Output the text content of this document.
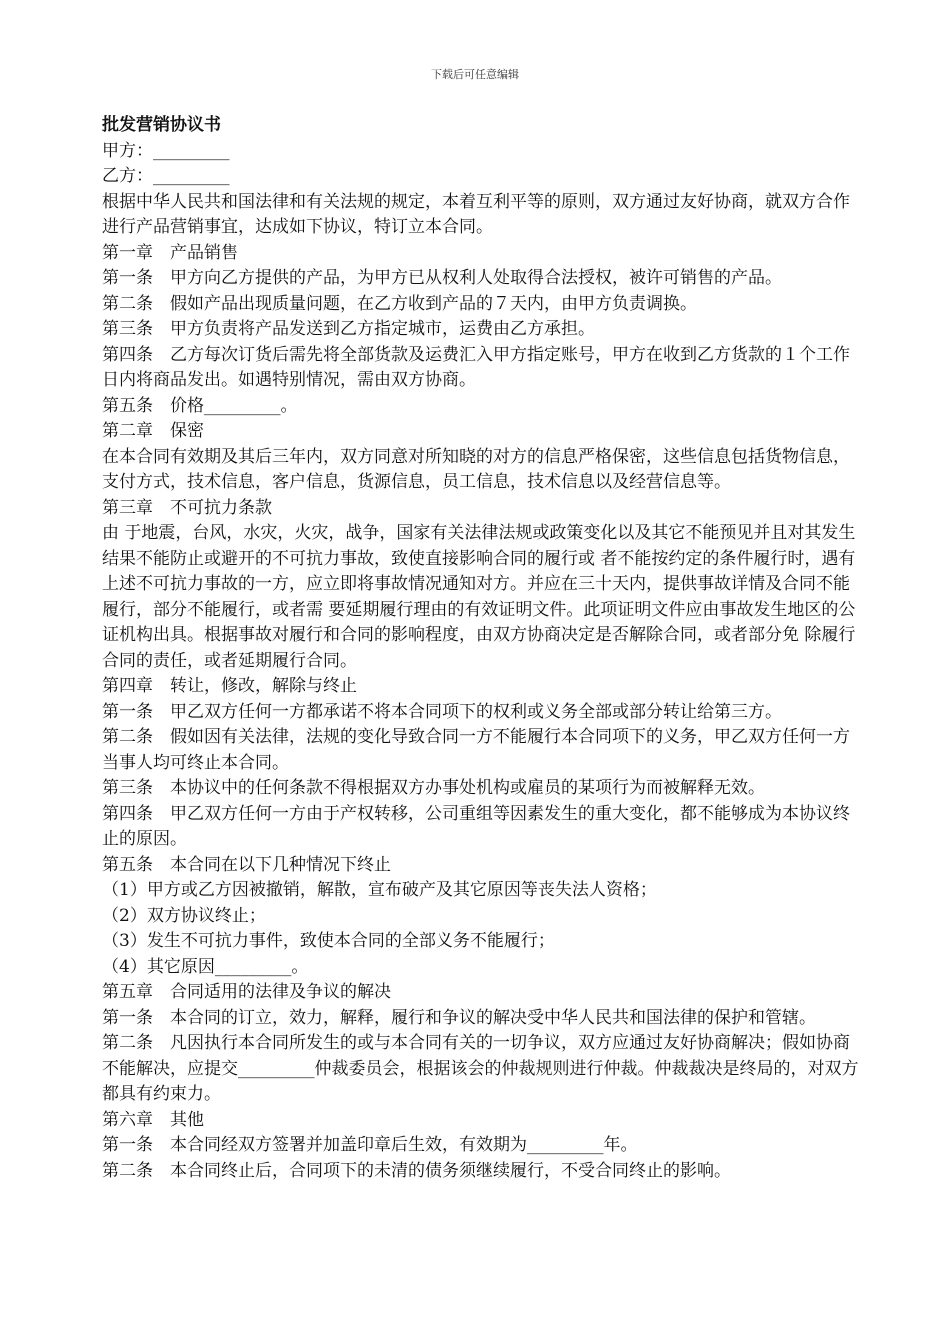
下载后可任意编辑

批发营销协议书

甲方：_________

乙方：_________

根据中华人民共和国法律和有关法规的规定，本着互利平等的原则，双方通过友好协商，就双方合作进行产品营销事宜，达成如下协议，特订立本合同。

第一章　产品销售

第一条　甲方向乙方提供的产品，为甲方已从权利人处取得合法授权，被许可销售的产品。

第二条　假如产品出现质量问题，在乙方收到产品的７天内，由甲方负责调换。

第三条　甲方负责将产品发送到乙方指定城市，运费由乙方承担。

第四条　乙方每次订货后需先将全部货款及运费汇入甲方指定账号，甲方在收到乙方货款的１个工作日内将商品发出。如遇特别情况，需由双方协商。

第五条　价格_________。

第二章　保密

在本合同有效期及其后三年内，双方同意对所知晓的对方的信息严格保密，这些信息包括货物信息，支付方式，技术信息，客户信息，货源信息，员工信息，技术信息以及经营信息等。

第三章　不可抗力条款

由 于地震，台风，水灾，火灾，战争，国家有关法律法规或政策变化以及其它不能预见并且对其发生结果不能防止或避开的不可抗力事故，致使直接影响合同的履行或 者不能按约定的条件履行时，遇有上述不可抗力事故的一方，应立即将事故情况通知对方。并应在三十天内，提供事故详情及合同不能履行，部分不能履行，或者需 要延期履行理由的有效证明文件。此项证明文件应由事故发生地区的公证机构出具。根据事故对履行和合同的影响程度，由双方协商决定是否解除合同，或者部分免 除履行合同的责任，或者延期履行合同。

第四章　转让，修改，解除与终止

第一条　甲乙双方任何一方都承诺不将本合同项下的权利或义务全部或部分转让给第三方。

第二条　假如因有关法律，法规的变化导致合同一方不能履行本合同项下的义务，甲乙双方任何一方当事人均可终止本合同。

第三条　本协议中的任何条款不得根据双方办事处机构或雇员的某项行为而被解释无效。

第四条　甲乙双方任何一方由于产权转移，公司重组等因素发生的重大变化，都不能够成为本协议终止的原因。

第五条　本合同在以下几种情况下终止

（1）甲方或乙方因被撤销，解散，宣布破产及其它原因等丧失法人资格；

（2）双方协议终止；

（3）发生不可抗力事件，致使本合同的全部义务不能履行；

（4）其它原因_________。

第五章　合同适用的法律及争议的解决

第一条　本合同的订立，效力，解释，履行和争议的解决受中华人民共和国法律的保护和管辖。

第二条　凡因执行本合同所发生的或与本合同有关的一切争议，双方应通过友好协商解决；假如协商不能解决，应提交_________仲裁委员会，根据该会的仲裁规则进行仲裁。仲裁裁决是终局的，对双方都具有约束力。

第六章　其他

第一条　本合同经双方签署并加盖印章后生效，有效期为_________年。

第二条　本合同终止后，合同项下的未清的债务须继续履行，不受合同终止的影响。
